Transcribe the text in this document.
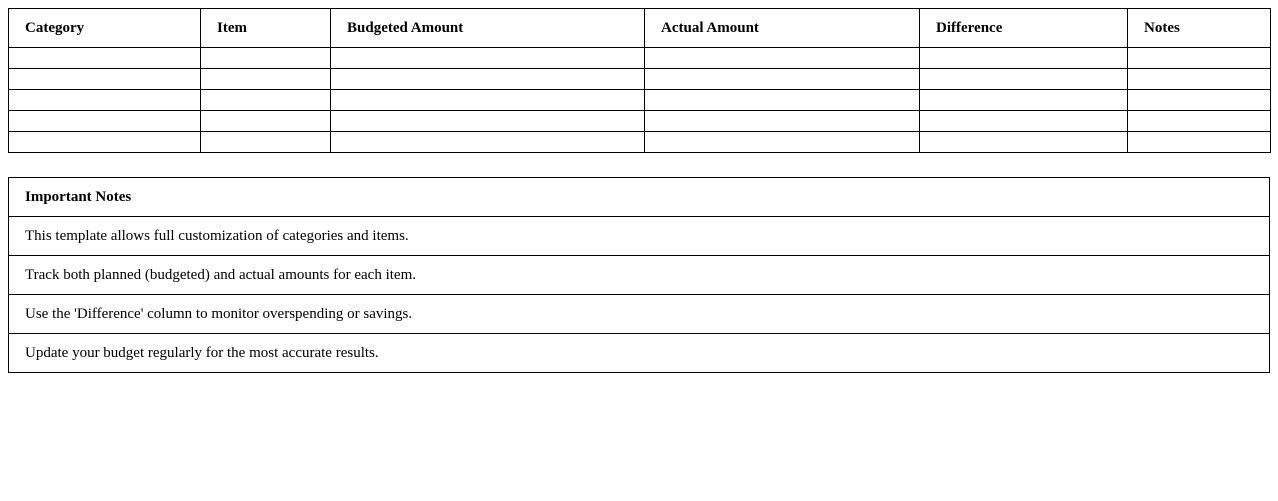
Category	Item	Budgeted Amount	Actual Amount	Difference	Notes

Important Notes
This template allows full customization of categories and items.
Track both planned (budgeted) and actual amounts for each item.
Use the 'Difference' column to monitor overspending or savings.
Update your budget regularly for the most accurate results.
